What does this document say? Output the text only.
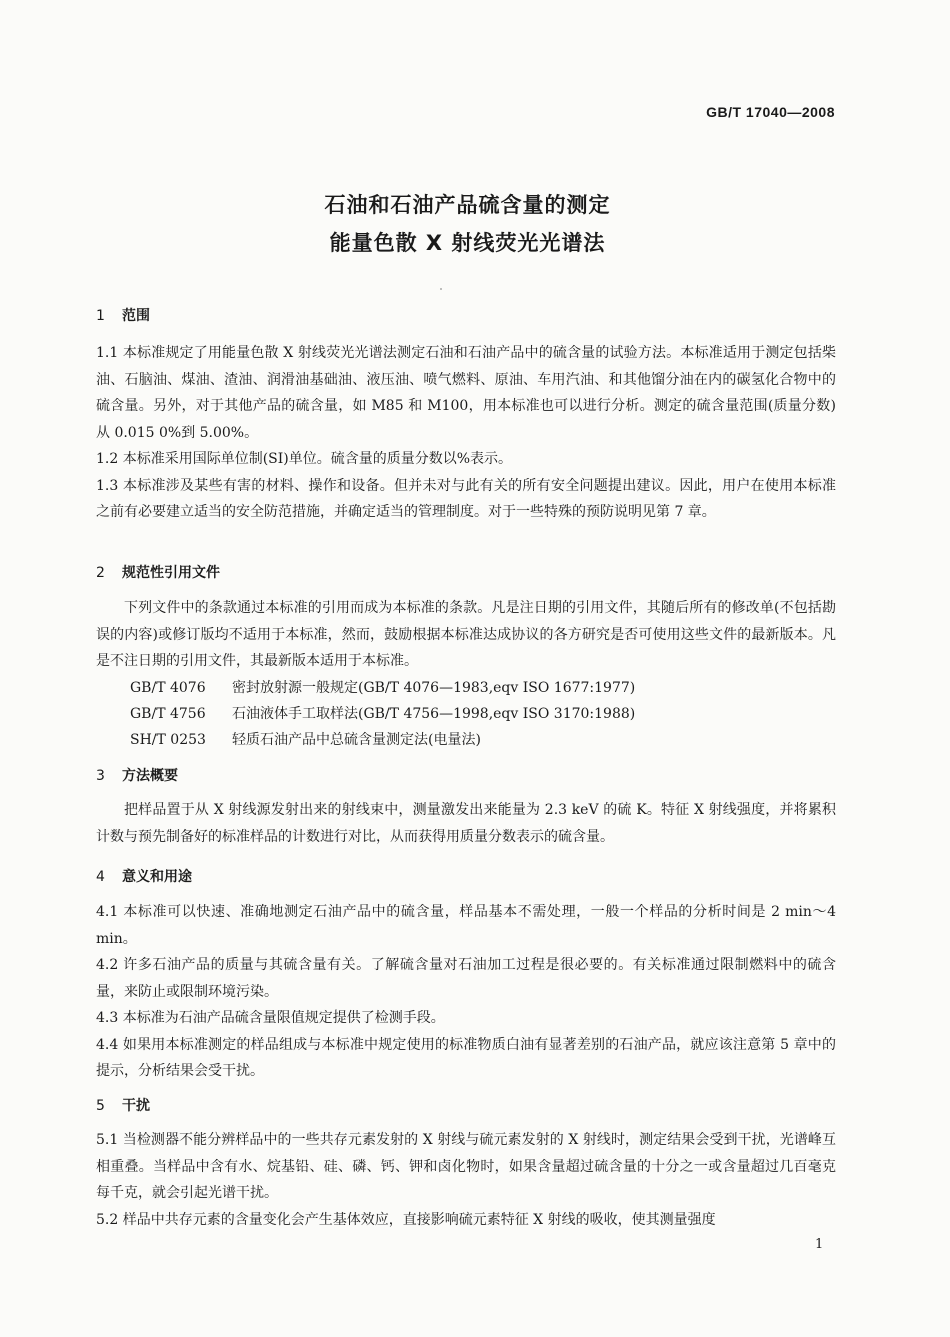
GB/T 17040—2008
石油和石油产品硫含量的测定
能量色散 X 射线荧光光谱法
1 范围

1.1 本标准规定了用能量色散 X 射线荧光光谱法测定石油和石油产品中的硫含量的试验方法。本标准适用于测定包括柴油、石脑油、煤油、渣油、润滑油基础油、液压油、喷气燃料、原油、车用汽油、和其他馏分油在内的碳氢化合物中的硫含量。另外，对于其他产品的硫含量，如 M85 和 M100，用本标准也可以进行分析。测定的硫含量范围(质量分数)从 0.015 0%到 5.00%。

1.2 本标准采用国际单位制(SI)单位。硫含量的质量分数以%表示。

1.3 本标准涉及某些有害的材料、操作和设备。但并未对与此有关的所有安全问题提出建议。因此，用户在使用本标准之前有必要建立适当的安全防范措施，并确定适当的管理制度。对于一些特殊的预防说明见第 7 章。

2 规范性引用文件

下列文件中的条款通过本标准的引用而成为本标准的条款。凡是注日期的引用文件，其随后所有的修改单(不包括勘误的内容)或修订版均不适用于本标准，然而，鼓励根据本标准达成协议的各方研究是否可使用这些文件的最新版本。凡是不注日期的引用文件，其最新版本适用于本标准。

GB/T 4076 密封放射源一般规定(GB/T 4076—1983,eqv ISO 1677:1977)
GB/T 4756 石油液体手工取样法(GB/T 4756—1998,eqv ISO 3170:1988)
SH/T 0253 轻质石油产品中总硫含量测定法(电量法)
3 方法概要

把样品置于从 X 射线源发射出来的射线束中，测量激发出来能量为 2.3 keV 的硫 K。特征 X 射线强度，并将累积计数与预先制备好的标准样品的计数进行对比，从而获得用质量分数表示的硫含量。

4 意义和用途

4.1 本标准可以快速、准确地测定石油产品中的硫含量，样品基本不需处理，一般一个样品的分析时间是 2 min～4 min。

4.2 许多石油产品的质量与其硫含量有关。了解硫含量对石油加工过程是很必要的。有关标准通过限制燃料中的硫含量，来防止或限制环境污染。

4.3 本标准为石油产品硫含量限值规定提供了检测手段。

4.4 如果用本标准测定的样品组成与本标准中规定使用的标准物质白油有显著差别的石油产品，就应该注意第 5 章中的提示，分析结果会受干扰。

5 干扰

5.1 当检测器不能分辨样品中的一些共存元素发射的 X 射线与硫元素发射的 X 射线时，测定结果会受到干扰，光谱峰互相重叠。当样品中含有水、烷基铅、硅、磷、钙、钾和卤化物时，如果含量超过硫含量的十分之一或含量超过几百毫克每千克，就会引起光谱干扰。

5.2 样品中共存元素的含量变化会产生基体效应，直接影响硫元素特征 X 射线的吸收，使其测量强度

1
